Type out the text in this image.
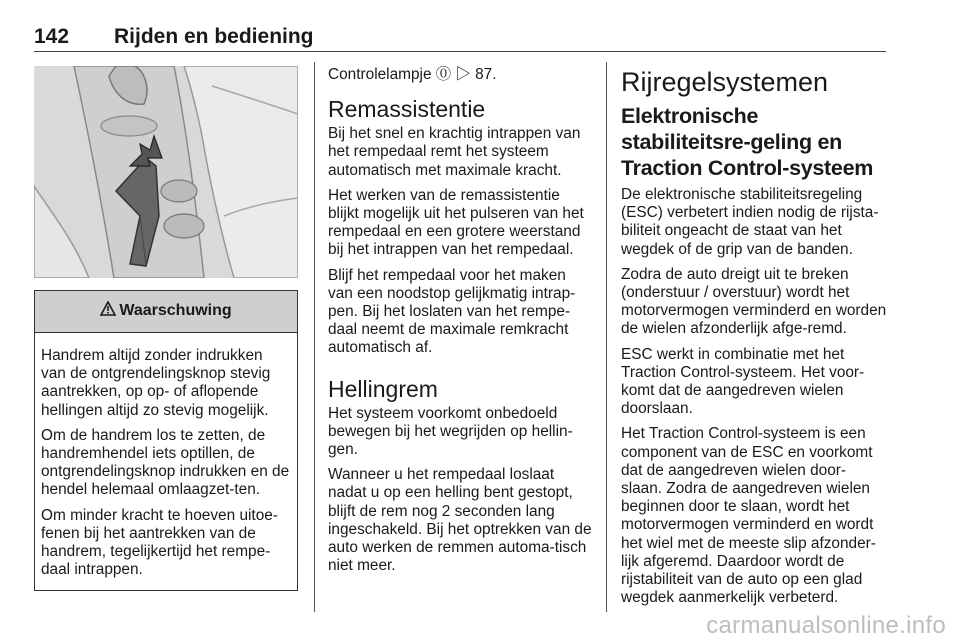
142 Rijden en bediening
Waarschuwing

Handrem altijd zonder indrukken van de ontgrendelingsknop stevig aantrekken, op op- of aflopende hellingen altijd zo stevig mogelijk.

Om de handrem los te zetten, de handremhendel iets optillen, de ontgrendelingsknop indrukken en de hendel helemaal omlaagzet-ten.

Om minder kracht te hoeven uitoe-fenen bij het aantrekken van de handrem, tegelijkertijd het rempe-daal intrappen.

Controlelampje ⓪ ▷ 87.

Remassistentie

Bij het snel en krachtig intrappen van het rempedaal remt het systeem automatisch met maximale kracht.

Het werken van de remassistentie blijkt mogelijk uit het pulseren van het rempedaal en een grotere weerstand bij het intrappen van het rempedaal.

Blijf het rempedaal voor het maken van een noodstop gelijkmatig intrap-pen. Bij het loslaten van het rempe-daal neemt de maximale remkracht automatisch af.

Hellingrem

Het systeem voorkomt onbedoeld bewegen bij het wegrijden op hellin-gen.

Wanneer u het rempedaal loslaat nadat u op een helling bent gestopt, blijft de rem nog 2 seconden lang ingeschakeld. Bij het optrekken van de auto werken de remmen automa-tisch niet meer.

Rijregelsystemen
Elektronische stabiliteitsre-geling en Traction Control-systeem

De elektronische stabiliteitsregeling (ESC) verbetert indien nodig de rijsta-biliteit ongeacht de staat van het wegdek of de grip van de banden.

Zodra de auto dreigt uit te breken (onderstuur / overstuur) wordt het motorvermogen verminderd en worden de wielen afzonderlijk afge-remd.

ESC werkt in combinatie met het Traction Control-systeem. Het voor-komt dat de aangedreven wielen doorslaan.

Het Traction Control-systeem is een component van de ESC en voorkomt dat de aangedreven wielen door-slaan. Zodra de aangedreven wielen beginnen door te slaan, wordt het motorvermogen verminderd en wordt het wiel met de meeste slip afzonder-lijk afgeremd. Daardoor wordt de rijstabiliteit van de auto op een glad wegdek aanmerkelijk verbeterd.

carmanualsonline.info
